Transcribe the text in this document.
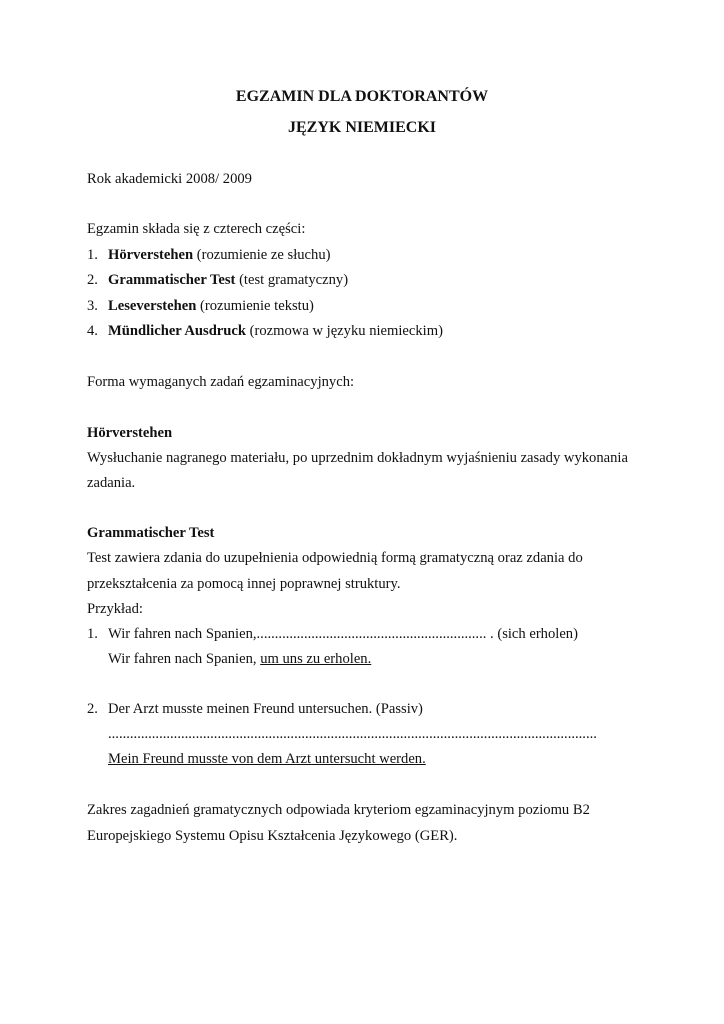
EGZAMIN DLA DOKTORANTÓW
JĘZYK NIEMIECKI
Rok akademicki 2008/ 2009
Egzamin składa się z czterech części:
1. Hörverstehen (rozumienie ze słuchu)
2. Grammatischer Test (test gramatyczny)
3. Leseverstehen (rozumienie tekstu)
4. Mündlicher Ausdruck (rozmowa w języku niemieckim)
Forma wymaganych zadań egzaminacyjnych:
Hörverstehen
Wysłuchanie nagranego materiału, po uprzednim dokładnym wyjaśnieniu zasady wykonania
zadania.
Grammatischer Test
Test zawiera zdania do uzupełnienia odpowiednią formą gramatyczną oraz zdania do
przekształcenia za pomocą innej poprawnej struktury.
Przykład:
1. Wir fahren nach Spanien,............................................................... . (sich erholen)
Wir fahren nach Spanien, um uns zu erholen.
2. Der Arzt musste meinen Freund untersuchen. (Passiv)
......................................................................................................................................
Mein Freund musste von dem Arzt untersucht werden.
Zakres zagadnień gramatycznych odpowiada kryteriom egzaminacyjnym poziomu B2
Europejskiego Systemu Opisu Kształcenia Językowego (GER).
